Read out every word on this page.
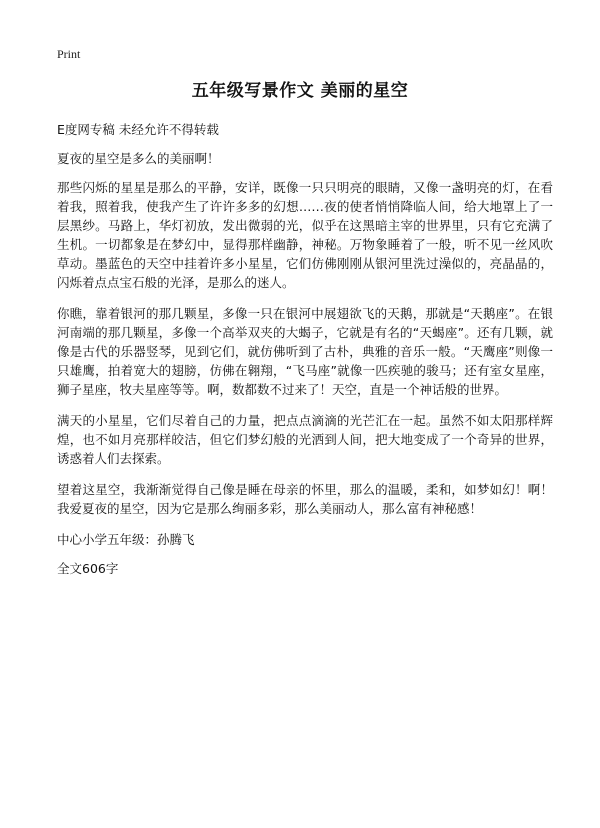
Print
五年级写景作文 美丽的星空

E度网专稿 未经允许不得转载

夏夜的星空是多么的美丽啊！

那些闪烁的星星是那么的平静，安详，既像一只只明亮的眼睛，又像一盏明亮的灯，在看着我，照着我，使我产生了许许多多的幻想……夜的使者悄悄降临人间，给大地罩上了一层黑纱。马路上，华灯初放，发出微弱的光，似乎在这黑暗主宰的世界里，只有它充满了生机。一切都象是在梦幻中，显得那样幽静，神秘。万物象睡着了一般，听不见一丝风吹草动。墨蓝色的天空中挂着许多小星星，它们仿佛刚刚从银河里洗过澡似的，亮晶晶的，闪烁着点点宝石般的光泽，是那么的迷人。

你瞧，靠着银河的那几颗星，多像一只在银河中展翅欲飞的天鹅，那就是“天鹅座”。在银河南端的那几颗星，多像一个高举双夹的大蝎子，它就是有名的“天蝎座”。还有几颗，就像是古代的乐器竖琴，见到它们，就仿佛听到了古朴，典雅的音乐一般。“天鹰座”则像一只雄鹰，拍着宽大的翅膀，仿佛在翱翔，“飞马座”就像一匹疾驰的骏马；还有室女星座，狮子星座，牧夫星座等等。啊，数都数不过来了！天空，直是一个神话般的世界。

满天的小星星，它们尽着自己的力量，把点点滴滴的光芒汇在一起。虽然不如太阳那样辉煌，也不如月亮那样皎洁，但它们梦幻般的光洒到人间，把大地变成了一个奇异的世界，诱惑着人们去探索。

望着这星空，我渐渐觉得自己像是睡在母亲的怀里，那么的温暖，柔和，如梦如幻！啊！我爱夏夜的星空，因为它是那么绚丽多彩，那么美丽动人，那么富有神秘感！

中心小学五年级：孙腾飞

全文606字
